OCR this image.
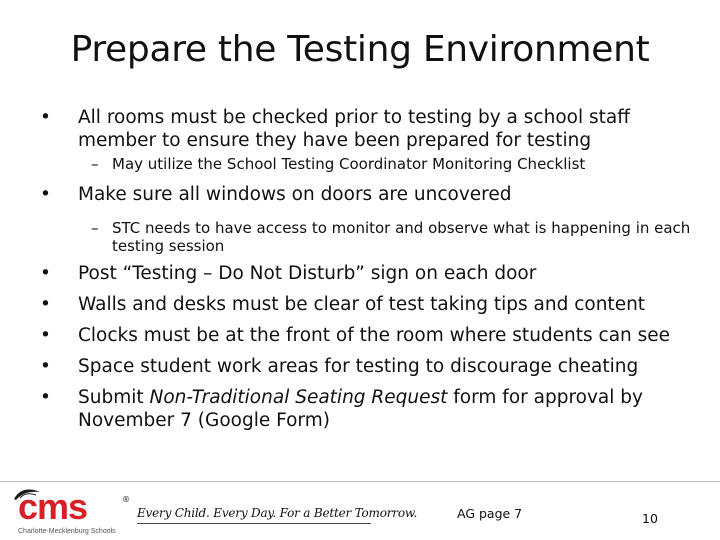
Prepare the Testing Environment
• All rooms must be checked prior to testing by a school staff member to ensure they have been prepared for testing
– May utilize the School Testing Coordinator Monitoring Checklist
• Make sure all windows on doors are uncovered
– STC needs to have access to monitor and observe what is happening in each testing session
• Post “Testing – Do Not Disturb” sign on each door
• Walls and desks must be clear of test taking tips and content
• Clocks must be at the front of the room where students can see
• Space student work areas for testing to discourage cheating
• Submit Non-Traditional Seating Request form for approval by November 7 (Google Form)
cms	®
Charlotte-Mecklenburg Schools
Every Child. Every Day. For a Better Tomorrow.	AG page 7	10
